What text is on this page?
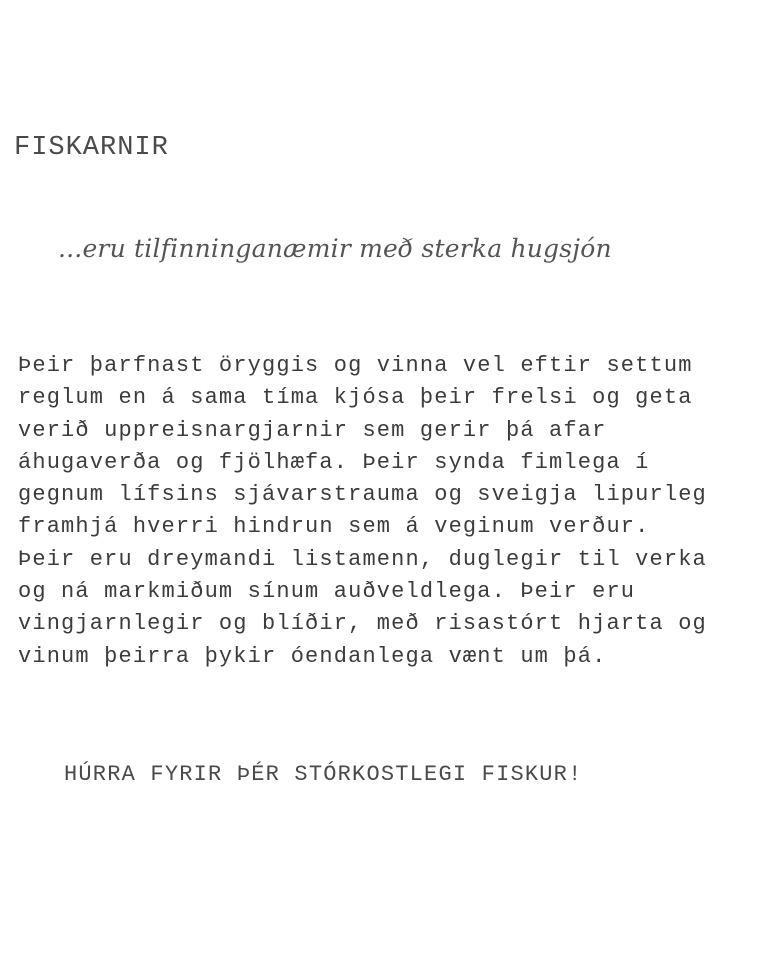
FISKARNIR
...eru tilfinninganæmir með sterka hugsjón
Þeir þarfnast öryggis og vinna vel eftir settum
reglum en á sama tíma kjósa þeir frelsi og geta
verið uppreisnargjarnir sem gerir þá afar
áhugaverða og fjölhæfa. Þeir synda fimlega í
gegnum lífsins sjávarstrauma og sveigja lipurleg
framhjá hverri hindrun sem á veginum verður.
Þeir eru dreymandi listamenn, duglegir til verka
og ná markmiðum sínum auðveldlega. Þeir eru
vingjarnlegir og blíðir, með risastórt hjarta og
vinum þeirra þykir óendanlega vænt um þá.
HÚRRA FYRIR ÞÉR STÓRKOSTLEGI FISKUR!
